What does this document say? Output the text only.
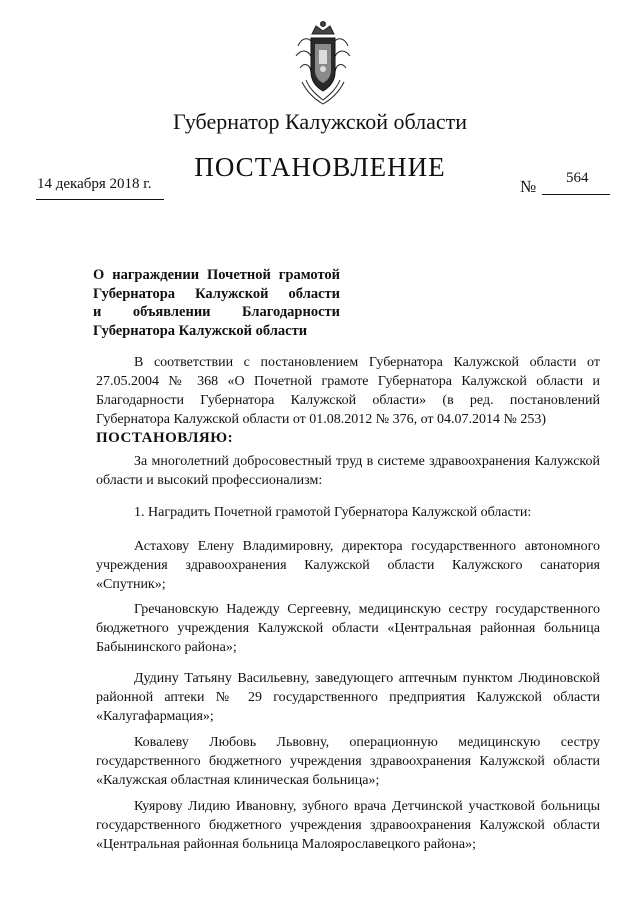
Губернатор Калужской области
ПОСТАНОВЛЕНИЕ
14 декабря 2018 г.	№ 564
О награждении Почетной грамотой
Губернатора Калужской области
и объявлении Благодарности
Губернатора Калужской области

В соответствии с постановлением Губернатора Калужской области от 27.05.2004 № 368 «О Почетной грамоте Губернатора Калужской области и Благодарности Губернатора Калужской области» (в ред. постановлений Губернатора Калужской области от 01.08.2012 № 376, от 04.07.2014 № 253)

ПОСТАНОВЛЯЮ:

За многолетний добросовестный труд в системе здравоохранения Калужской области и высокий профессионализм:

1. Наградить Почетной грамотой Губернатора Калужской области:

Астахову Елену Владимировну, директора государственного автономного учреждения здравоохранения Калужской области Калужского санатория «Спутник»;

Гречановскую Надежду Сергеевну, медицинскую сестру государственного бюджетного учреждения Калужской области «Центральная районная больница Бабынинского района»;

Дудину Татьяну Васильевну, заведующего аптечным пунктом Людиновской районной аптеки № 29 государственного предприятия Калужской области «Калугафармация»;

Ковалеву Любовь Львовну, операционную медицинскую сестру государственного бюджетного учреждения здравоохранения Калужской области «Калужская областная клиническая больница»;

Куярову Лидию Ивановну, зубного врача Детчинской участковой больницы государственного бюджетного учреждения здравоохранения Калужской области «Центральная районная больница Малоярославецкого района»;
